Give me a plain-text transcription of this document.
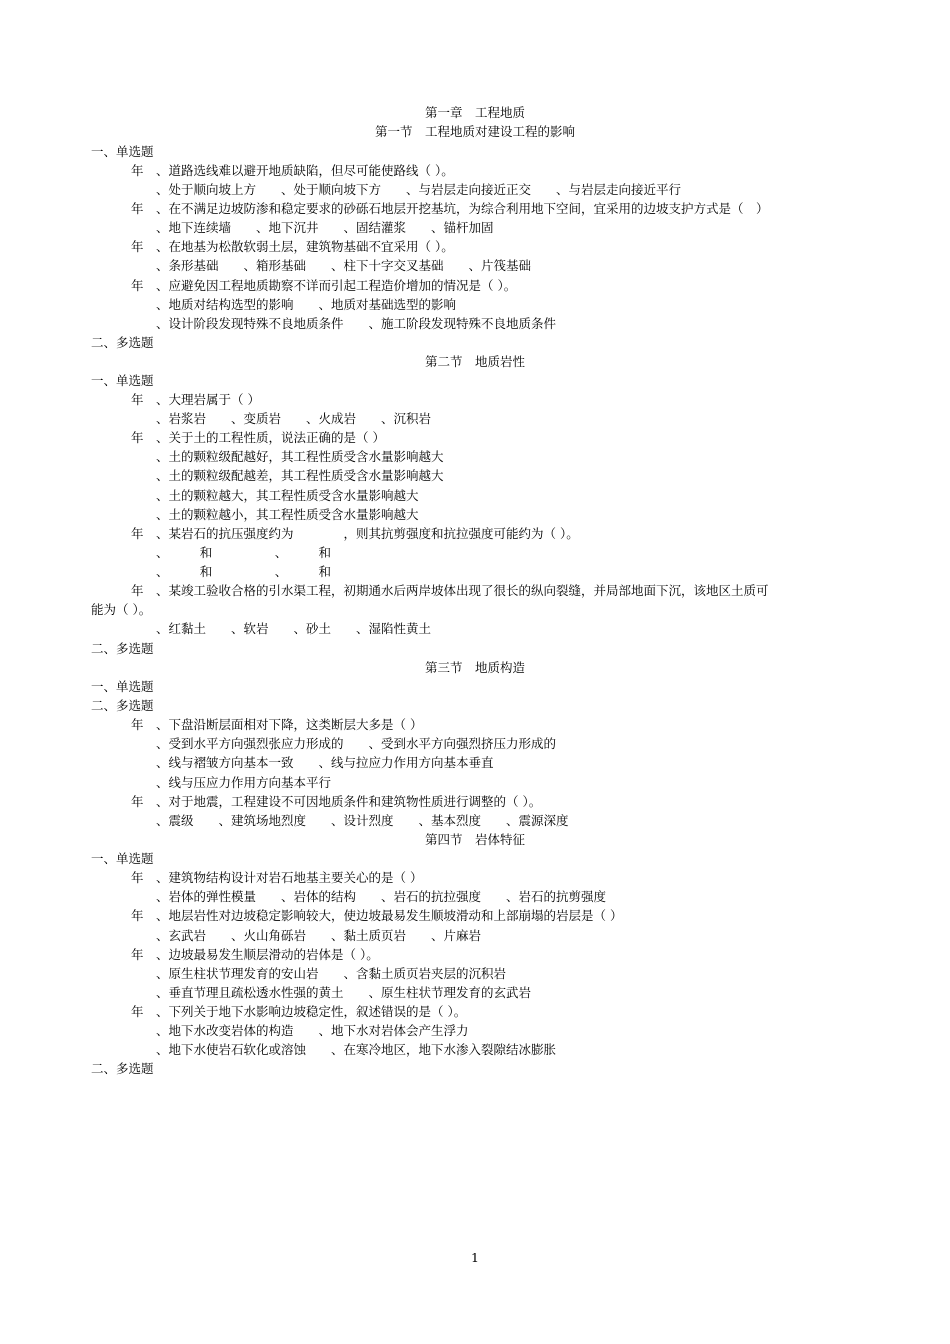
第一章　工程地质
第一节　工程地质对建设工程的影响
一、单选题
年　、道路选线难以避开地质缺陷，但尽可能使路线（ ）。
、处于顺向坡上方　　、处于顺向坡下方　　、与岩层走向接近正交　　、与岩层走向接近平行
年　、在不满足边坡防渗和稳定要求的砂砾石地层开挖基坑，为综合利用地下空间，宜采用的边坡支护方式是（　）
、地下连续墙　　、地下沉井　　、固结灌浆　　、锚杆加固
年　、在地基为松散软弱土层，建筑物基础不宜采用（ ）。
、条形基础　　、箱形基础　　、柱下十字交叉基础　　、片筏基础
年　、应避免因工程地质勘察不详而引起工程造价增加的情况是（ ）。
、地质对结构选型的影响　　、地质对基础选型的影响
、设计阶段发现特殊不良地质条件　　、施工阶段发现特殊不良地质条件
二、多选题
第二节　地质岩性
一、单选题
年　、大理岩属于（ ）
、岩浆岩　　、变质岩　　、火成岩　　、沉积岩
年　、关于土的工程性质，说法正确的是（ ）
、土的颗粒级配越好，其工程性质受含水量影响越大
、土的颗粒级配越差，其工程性质受含水量影响越大
、土的颗粒越大，其工程性质受含水量影响越大
、土的颗粒越小，其工程性质受含水量影响越大
年　、某岩石的抗压强度约为　　　　，则其抗剪强度和抗拉强度可能约为（ ）。
、　　　和　　　　　、　　　和
、　　　和　　　　　、　　　和
年　、某竣工验收合格的引水渠工程，初期通水后两岸坡体出现了很长的纵向裂缝，并局部地面下沉，该地区土质可
能为（ ）。
、红黏土　　、软岩　　、砂土　　、湿陷性黄土
二、多选题
第三节　地质构造
一、单选题
二、多选题
年　、下盘沿断层面相对下降，这类断层大多是（ ）
、受到水平方向强烈张应力形成的　　、受到水平方向强烈挤压力形成的
、线与褶皱方向基本一致　　、线与拉应力作用方向基本垂直
、线与压应力作用方向基本平行
年　、对于地震，工程建设不可因地质条件和建筑物性质进行调整的（ ）。
、震级　　、建筑场地烈度　　、设计烈度　　、基本烈度　　、震源深度
第四节　岩体特征
一、单选题
年　、建筑物结构设计对岩石地基主要关心的是（ ）
、岩体的弹性模量　　、岩体的结构　　、岩石的抗拉强度　　、岩石的抗剪强度
年　、地层岩性对边坡稳定影响较大，使边坡最易发生顺坡滑动和上部崩塌的岩层是（ ）
、玄武岩　　、火山角砾岩　　、黏土质页岩　　、片麻岩
年　、边坡最易发生顺层滑动的岩体是（ ）。
、原生柱状节理发育的安山岩　　、含黏土质页岩夹层的沉积岩
、垂直节理且疏松透水性强的黄土　　、原生柱状节理发育的玄武岩
年　、下列关于地下水影响边坡稳定性，叙述错误的是（ ）。
、地下水改变岩体的构造　　、地下水对岩体会产生浮力
、地下水使岩石软化或溶蚀　　、在寒冷地区，地下水渗入裂隙结冰膨胀
二、多选题
1
